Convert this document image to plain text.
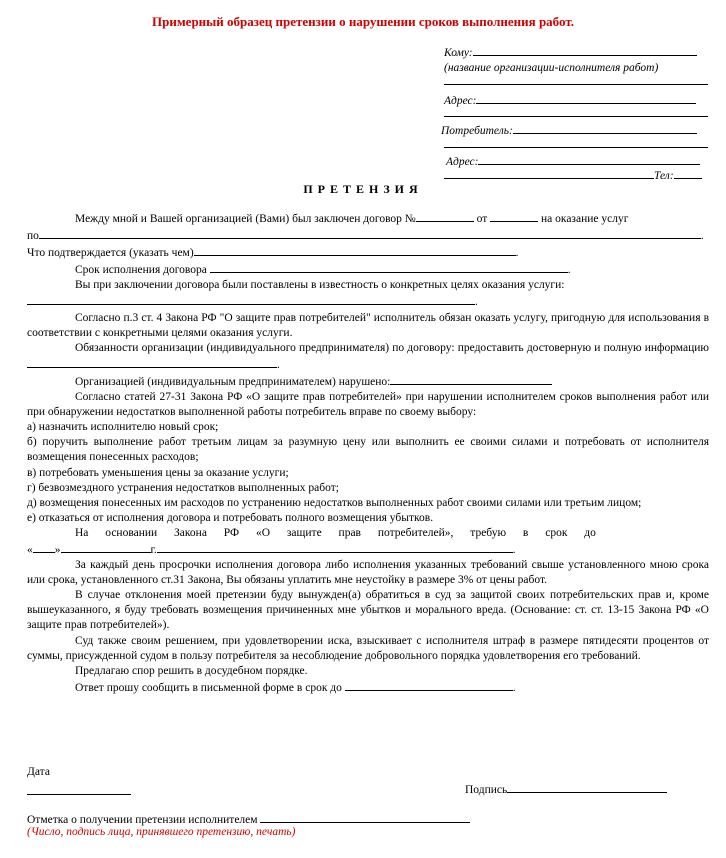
Примерный образец претензии о нарушении сроков выполнения работ.
Кому:
(название организации-исполнителя работ)
Адрес:
Потребитель:
Адрес:
Тел:
ПРЕТЕНЗИЯ

Между мной и Вашей организацией (Вами) был заключен договор №	от	на оказание услуг

по	.

Что подтверждается (указать чем)	.

Срок исполнения договора	.

Вы при заключении договора были поставлены в известность о конкретных целях оказания услуги:

.

Согласно п.3 ст. 4 Закона РФ "О защите прав потребителей" исполнитель обязан оказать услугу, пригодную для использования в соответствии с конкретными целями оказания услуги.

Обязанности организации (индивидуального предпринимателя) по договору: предоставить достоверную и полную информацию .

Организацией (индивидуальным предпринимателем) нарушено:

Согласно статей 27-31 Закона РФ «О защите прав потребителей» при нарушении исполнителем сроков выполнения работ или при обнаружении недостатков выполненной работы потребитель вправе по своему выбору:

а) назначить исполнителю новый срок;

б) поручить выполнение работ третьим лицам за разумную цену или выполнить ее своими силами и потребовать от исполнителя возмещения понесенных расходов;

в) потребовать уменьшения цены за оказание услуги;

г) безвозмездного устранения недостатков выполненных работ;

д) возмещения понесенных им расходов по устранению недостатков выполненных работ своими силами или третьим лицом;

е) отказаться от исполнения договора и потребовать полного возмещения убытков.

На основании Закона РФ «О защите прав потребителей», требую в срок до

« »	г.	.

За каждый день просрочки исполнения договора либо исполнения указанных требований свыше установленного мною срока или срока, установленного ст.31 Закона, Вы обязаны уплатить мне неустойку в размере 3% от цены работ.

В случае отклонения моей претензии буду вынужден(а) обратиться в суд за защитой своих потребительских прав и, кроме вышеуказанного, я буду требовать возмещения причиненных мне убытков и морального вреда. (Основание: ст. ст. 13-15 Закона РФ «О защите прав потребителей»).

Суд также своим решением, при удовлетворении иска, взыскивает с исполнителя штраф в размере пятидесяти процентов от суммы, присужденной судом в пользу потребителя за несоблюдение добровольного порядка удовлетворения его требований.

Предлагаю спор решить в досудебном порядке.

Ответ прошу сообщить в письменной форме в срок до	.

Дата
Подпись
Отметка о получении претензии исполнителем
(Число, подпись лица, принявшего претензию, печать)
